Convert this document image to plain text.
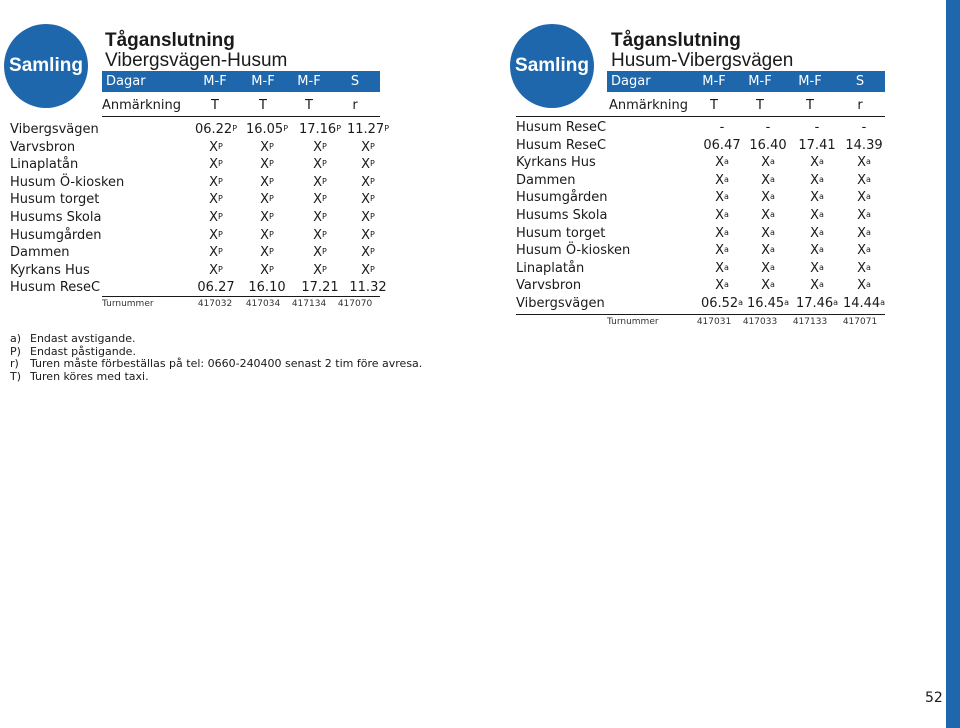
Samling
Tåganslutning
Vibergsvägen-Husum
Dagar	M-F	M-F	M-F	S
Anmärkning	T	T	T	r
Vibergsvägen	$06.22^P$ $16.05^P$ $17.16^P$ $11.27^P$
Varvsbron	$X^P$	$X^P$	$X^P$	$X^P$
Linaplatån	$X^P$	$X^P$	$X^P$	$X^P$
Husum Ö-kiosken	$X^P$	$X^P$	$X^P$	$X^P$
Husum torget	$X^P$	$X^P$	$X^P$	$X^P$
Husums Skola	$X^P$	$X^P$	$X^P$	$X^P$
Husumgården	$X^P$	$X^P$	$X^P$	$X^P$
Dammen	$X^P$	$X^P$	$X^P$	$X^P$
Kyrkans Hus	$X^P$	$X^P$	$X^P$	$X^P$
Husum ReseC	06.27	16.10	17.21 11.32
Turnummer	417032	417034	417134	417070
Samling
Tåganslutning
Husum-Vibergsvägen
Dagar	M-F	M-F	M-F	S
Anmärkning	T	T	T	r
Husum ReseC	-	-	-	-
Husum ReseC	06.47 16.40 17.41 14.39
Kyrkans Hus	$X^a$	$X^a$	$X^a$	$X^a$
Dammen	$X^a$	$X^a$	$X^a$	$X^a$
Husumgården	$X^a$	$X^a$	$X^a$	$X^a$
Husums Skola	$X^a$	$X^a$	$X^a$	$X^a$
Husum torget	$X^a$	$X^a$	$X^a$	$X^a$
Husum Ö-kiosken	$X^a$	$X^a$	$X^a$	$X^a$
Linaplatån	$X^a$	$X^a$	$X^a$	$X^a$
Varvsbron	$X^a$	$X^a$	$X^a$	$X^a$
Vibergsvägen	06.52$^a$ 16.45$^a$ 17.46$^a$ 14.44$^a$
Turnummer	417031	417033	417133	417071
a) Endast avstigande.
P) Endast påstigande.
r) Turen måste förbeställas på tel: 0660-240400 senast 2 tim före avresa.
T) Turen köres med taxi.
52
